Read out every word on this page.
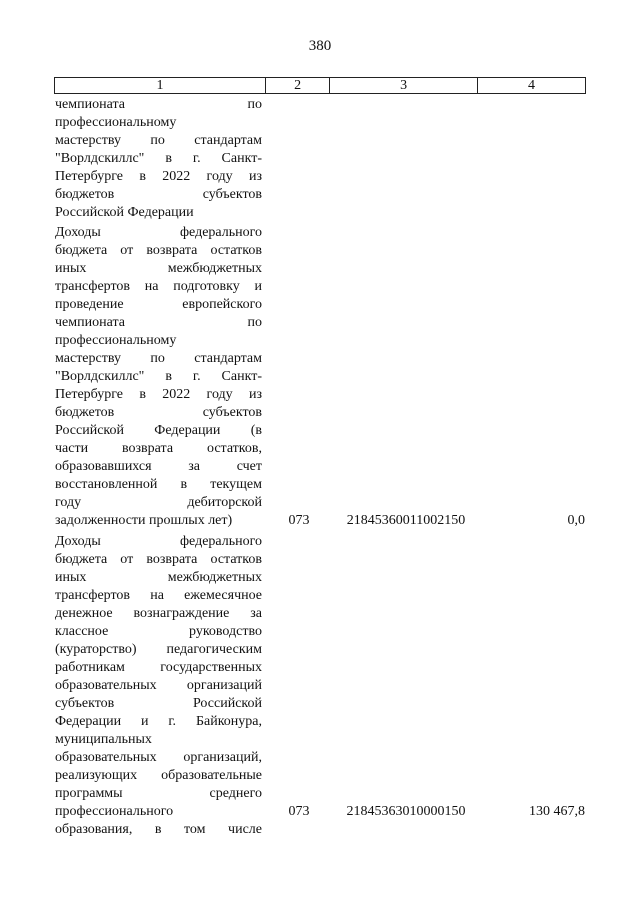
380
1	2	3	4
чемпионата по
профессиональному
мастерству по стандартам
"Ворлдскиллс" в г. Санкт-
Петербурге в 2022 году из
бюджетов субъектов
Российской Федерации
Доходы федерального
бюджета от возврата остатков
иных межбюджетных
трансфертов на подготовку и
проведение европейского
чемпионата по
профессиональному
мастерству по стандартам
"Ворлдскиллс" в г. Санкт-
Петербурге в 2022 году из
бюджетов субъектов
Российской Федерации (в
части возврата остатков,
образовавшихся за счет
восстановленной в текущем
году дебиторской
задолженности прошлых лет)	073	21845360011002150	0,0
Доходы федерального
бюджета от возврата остатков
иных межбюджетных
трансфертов на ежемесячное
денежное вознаграждение за
классное руководство
(кураторство) педагогическим
работникам государственных
образовательных организаций
субъектов Российской
Федерации и г. Байконура,
муниципальных
образовательных организаций,
реализующих образовательные
программы среднего
профессионального
образования, в том числе
073	21845363010000150	130 467,8
